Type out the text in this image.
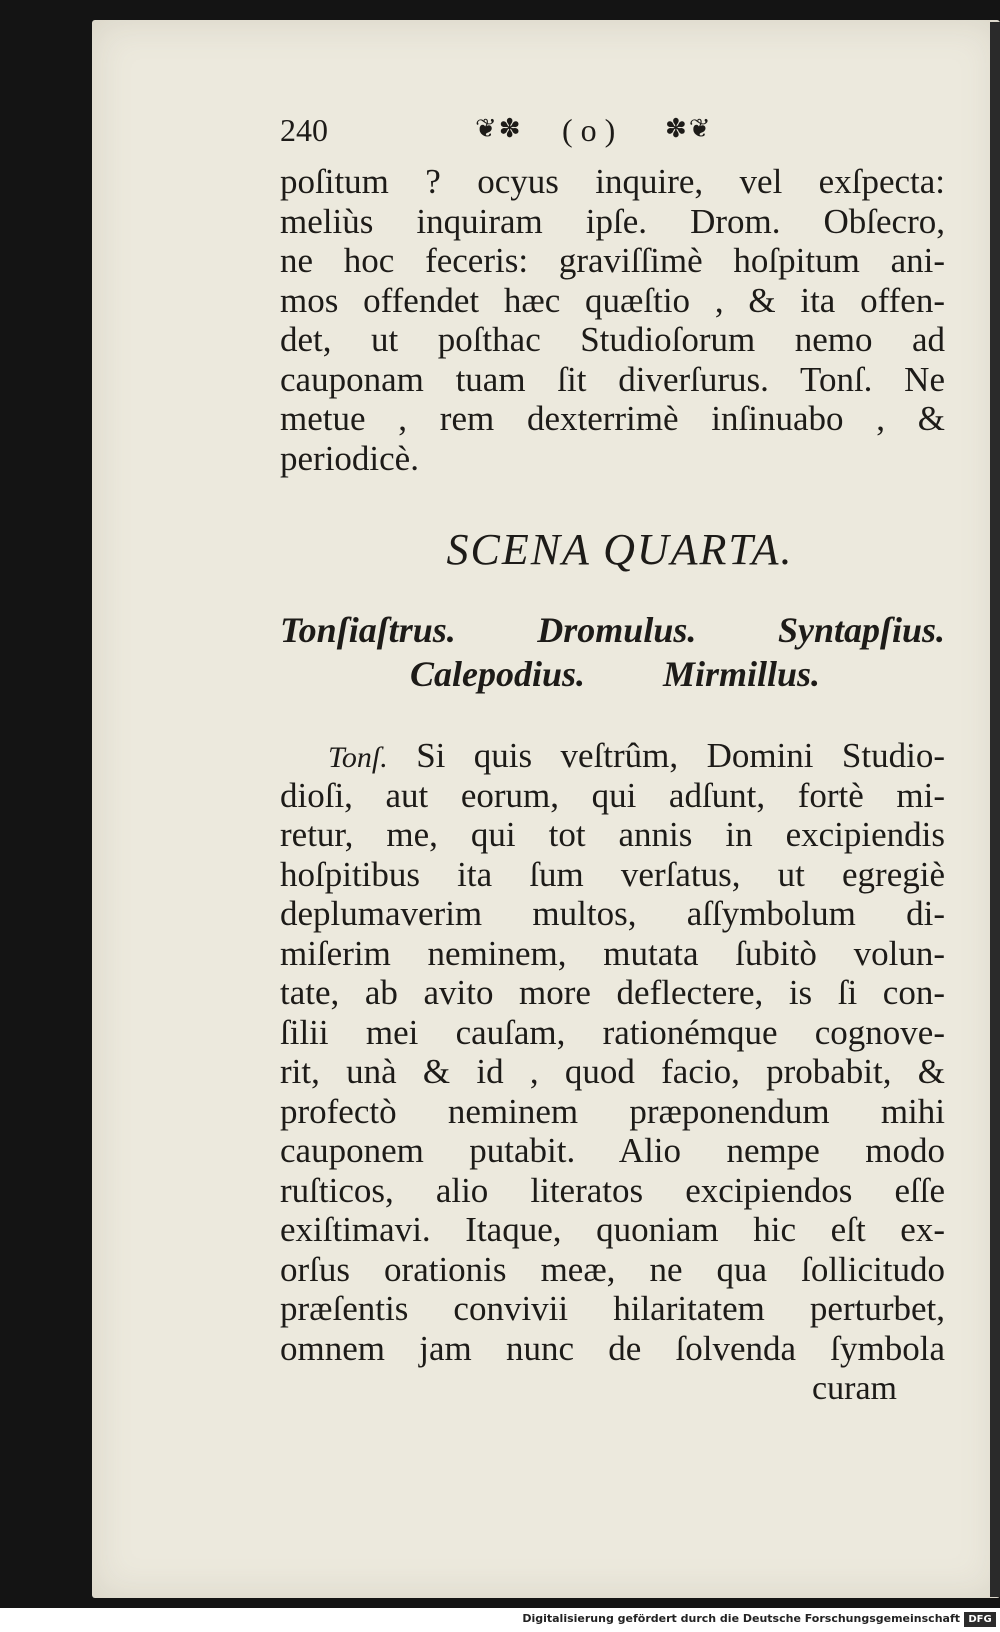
240	❦✽ ( o ) ✽❦
poſitum ? ocyus inquire, vel exſpecta:
meliùs inquiram ipſe. Drom. Obſecro,
ne hoc feceris: graviſſimè hoſpitum ani-
mos offendet hæc quæſtio , & ita offen-
det, ut poſthac Studioſorum nemo ad
cauponam tuam ſit diverſurus. Tonſ. Ne
metue , rem dexterrimè inſinuabo , &
periodicè.
SCENA QUARTA.
Tonſiaſtrus. Dromulus. Syntapſius.
Calepodius. Mirmillus.
Tonſ. Si quis veſtrûm, Domini Studio-
dioſi, aut eorum, qui adſunt, fortè mi-
retur, me, qui tot annis in excipiendis
hoſpitibus ita ſum verſatus, ut egregiè
deplumaverim multos, aſſymbolum di-
miſerim neminem, mutata ſubitò volun-
tate, ab avito more deflectere, is ſi con-
ſilii mei cauſam, rationémque cognove-
rit, unà & id , quod facio, probabit, &
profectò neminem præponendum mihi
cauponem putabit. Alio nempe modo
ruſticos, alio literatos excipiendos eſſe
exiſtimavi. Itaque, quoniam hic eſt ex-
orſus orationis meæ, ne qua ſollicitudo
præſentis convivii hilaritatem perturbet,
omnem jam nunc de ſolvenda ſymbola
curam
Digitalisierung gefördert durch die Deutsche Forschungsgemeinschaft DFG
